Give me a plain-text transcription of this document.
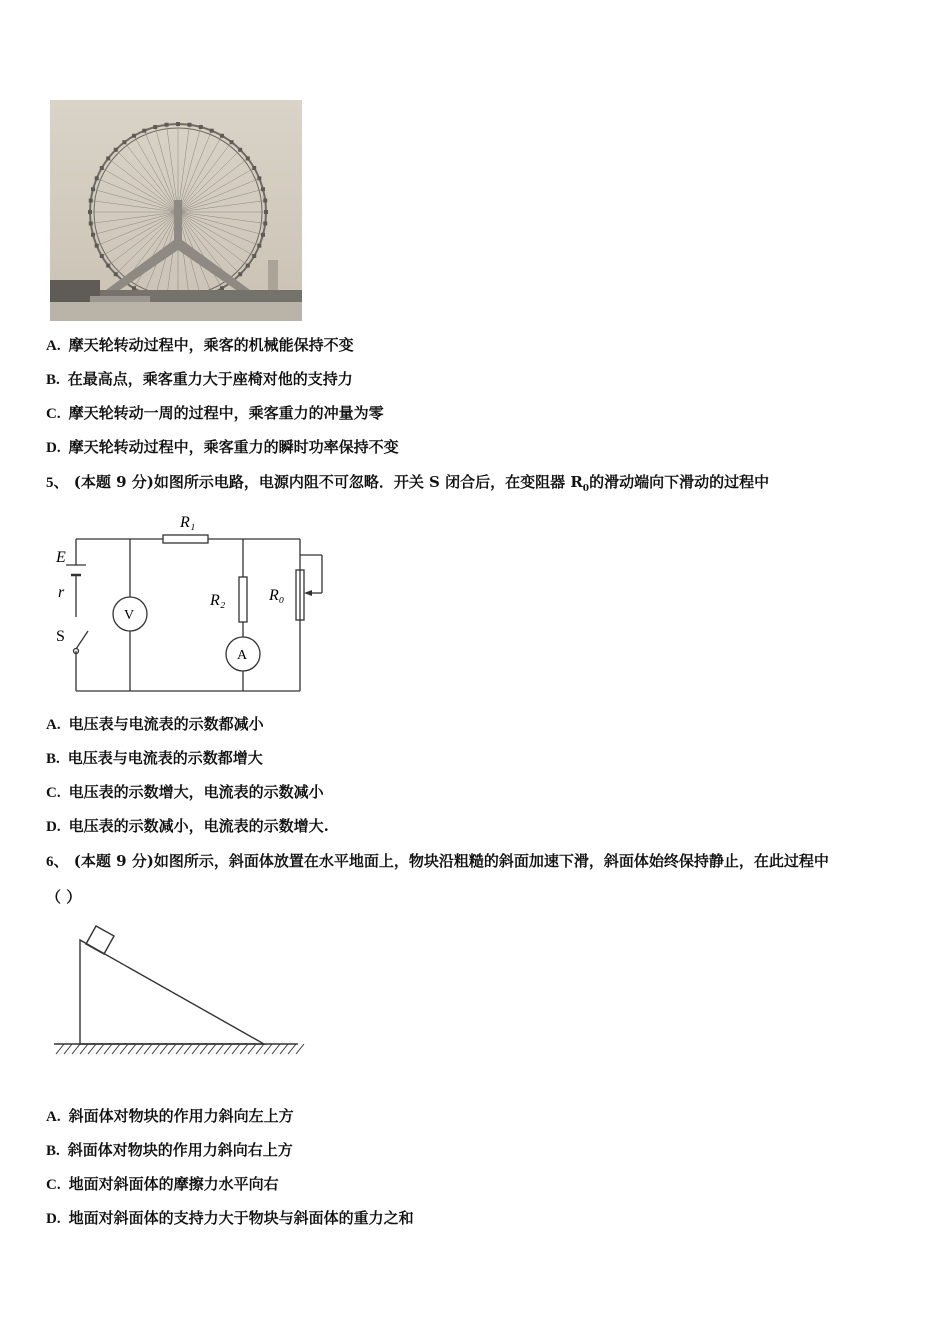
A. 摩天轮转动过程中，乘客的机械能保持不变
B. 在最高点，乘客重力大于座椅对他的支持力
C. 摩天轮转动一周的过程中，乘客重力的冲量为零
D. 摩天轮转动过程中，乘客重力的瞬时功率保持不变
5、 (本题 9 分)如图所示电路，电源内阻不可忽略．开关 S 闭合后，在变阻器 $R_0$的滑动端向下滑动的过程中
R₁
R₂	R₀
E
r
S
V
A
A. 电压表与电流表的示数都减小
B. 电压表与电流表的示数都增大
C. 电压表的示数增大，电流表的示数减小
D. 电压表的示数减小，电流表的示数增大.
6、 (本题 9 分)如图所示，斜面体放置在水平地面上，物块沿粗糙的斜面加速下滑，斜面体始终保持静止，在此过程中
（ ）
A. 斜面体对物块的作用力斜向左上方
B. 斜面体对物块的作用力斜向右上方
C. 地面对斜面体的摩擦力水平向右
D. 地面对斜面体的支持力大于物块与斜面体的重力之和
